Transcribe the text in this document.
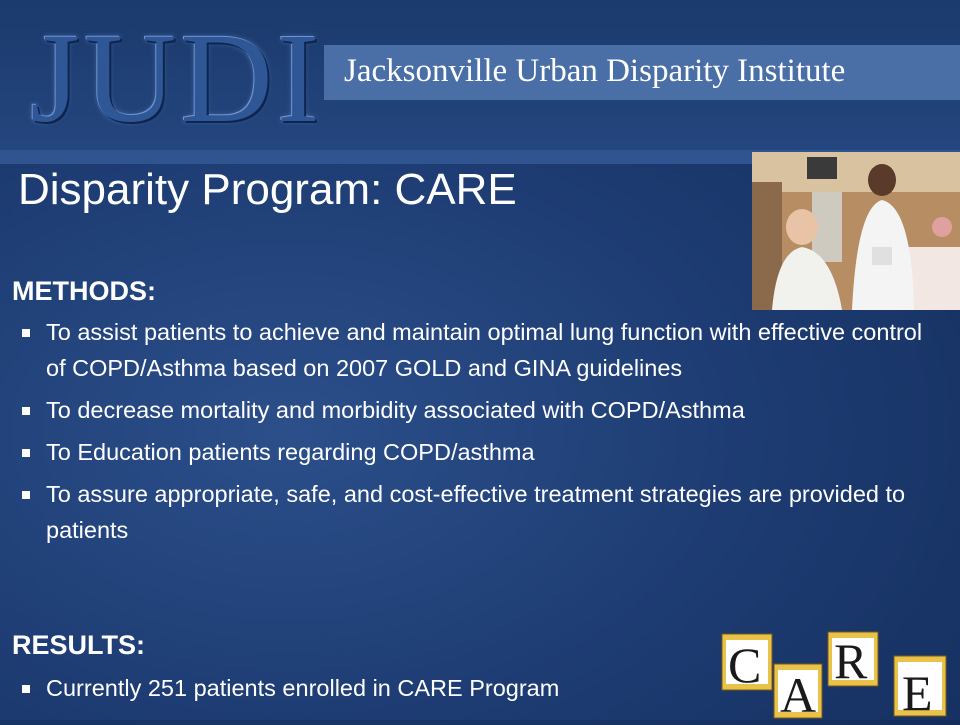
JUDI Jacksonville Urban Disparity Institute
Disparity Program: CARE
METHODS:
To assist patients to achieve and maintain optimal lung function with effective control of COPD/Asthma based on 2007 GOLD and GINA guidelines
To decrease mortality and morbidity associated with COPD/Asthma
To Education patients regarding COPD/asthma
To assure appropriate, safe, and cost-effective treatment strategies are provided to patients
RESULTS:
Currently 251 patients enrolled in CARE Program	C
A
R
E
